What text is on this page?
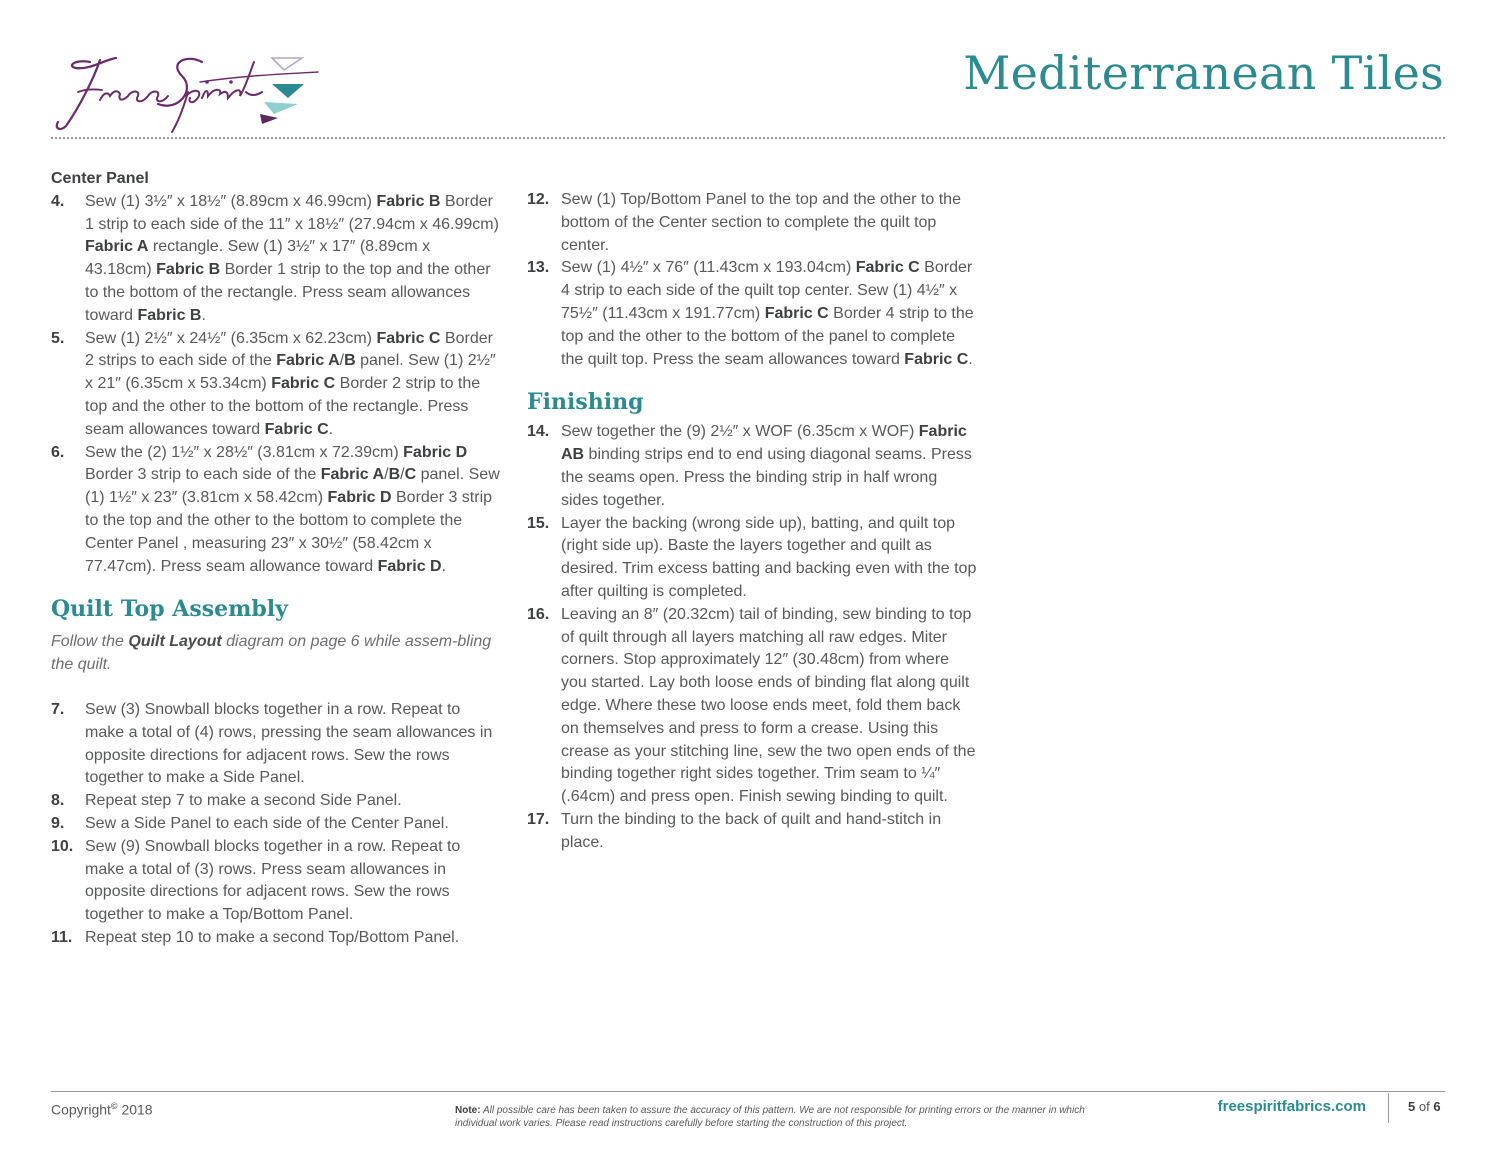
Mediterranean Tiles

Center Panel

4.	Sew (1) 3½″ x 18½″ (8.89cm x 46.99cm) Fabric B Border 1 strip to each side of the 11″ x 18½″ (27.94cm x 46.99cm) Fabric A rectangle. Sew (1) 3½″ x 17″ (8.89cm x 43.18cm) Fabric B Border 1 strip to the top and the other to the bottom of the rectangle. Press seam allowances toward Fabric B.
5.	Sew (1) 2½″ x 24½″ (6.35cm x 62.23cm) Fabric C Border 2 strips to each side of the Fabric A/B panel. Sew (1) 2½″ x 21″ (6.35cm x 53.34cm) Fabric C Border 2 strip to the top and the other to the bottom of the rectangle. Press seam allowances toward Fabric C.
6.	Sew the (2) 1½″ x 28½″ (3.81cm x 72.39cm) Fabric D Border 3 strip to each side of the Fabric A/B/C panel. Sew (1) 1½″ x 23″ (3.81cm x 58.42cm) Fabric D Border 3 strip to the top and the other to the bottom to complete the Center Panel , measuring 23″ x 30½″ (58.42cm x 77.47cm). Press seam allowance toward Fabric D.
Quilt Top Assembly

Follow the Quilt Layout diagram on page 6 while assem-bling the quilt.

7.	Sew (3) Snowball blocks together in a row. Repeat to make a total of (4) rows, pressing the seam allowances in opposite directions for adjacent rows. Sew the rows together to make a Side Panel.
8.	Repeat step 7 to make a second Side Panel.
9.	Sew a Side Panel to each side of the Center Panel.
10. Sew (9) Snowball blocks together in a row. Repeat to make a total of (3) rows. Press seam allowances in opposite directions for adjacent rows. Sew the rows together to make a Top/Bottom Panel.
11. Repeat step 10 to make a second Top/Bottom Panel.
12. Sew (1) Top/Bottom Panel to the top and the other to the bottom of the Center section to complete the quilt top center.
13. Sew (1) 4½″ x 76″ (11.43cm x 193.04cm) Fabric C Border 4 strip to each side of the quilt top center. Sew (1) 4½″ x 75½″ (11.43cm x 191.77cm) Fabric C Border 4 strip to the top and the other to the bottom of the panel to complete the quilt top. Press the seam allowances toward Fabric C.
Finishing
14. Sew together the (9) 2½″ x WOF (6.35cm x WOF) Fabric AB binding strips end to end using diagonal seams. Press the seams open. Press the binding strip in half wrong sides together.
15. Layer the backing (wrong side up), batting, and quilt top (right side up). Baste the layers together and quilt as desired. Trim excess batting and backing even with the top after quilting is completed.
16. Leaving an 8″ (20.32cm) tail of binding, sew binding to top of quilt through all layers matching all raw edges. Miter corners. Stop approximately 12″ (30.48cm) from where you started. Lay both loose ends of binding flat along quilt edge. Where these two loose ends meet, fold them back on themselves and press to form a crease. Using this crease as your stitching line, sew the two open ends of the binding together right sides together. Trim seam to ¼″ (.64cm) and press open. Finish sewing binding to quilt.
17. Turn the binding to the back of quilt and hand-stitch in place.
Copyright© 2018	Note: All possible care has been taken to assure the accuracy of this pattern. We are not responsible for printing errors or the manner in which individual work varies. Please read instructions carefully before starting the construction of this project.
freespiritfabrics.com	5 of 6
